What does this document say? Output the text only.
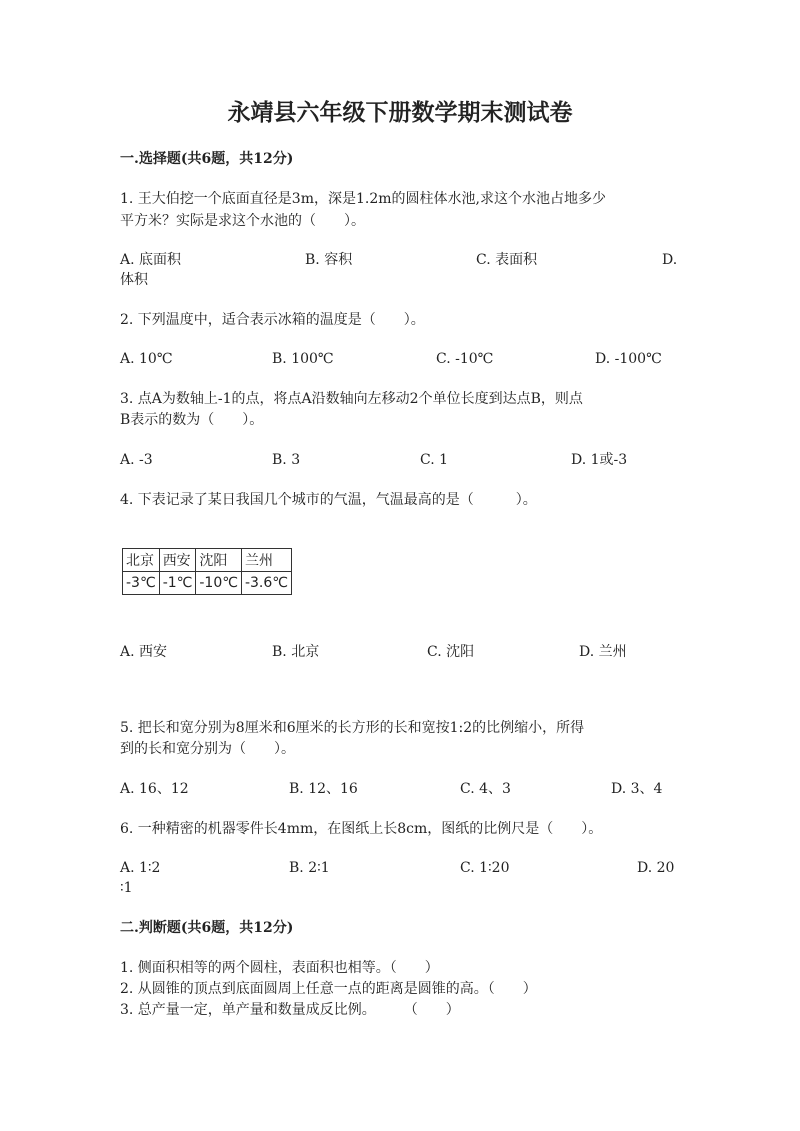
永靖县六年级下册数学期末测试卷
一.选择题(共6题，共12分)
1. 王大伯挖一个底面直径是3m，深是1.2m的圆柱体水池,求这个水池占地多少
平方米？实际是求这个水池的（　　）。
A. 底面积	B. 容积	C. 表面积	D.
体积
2. 下列温度中，适合表示冰箱的温度是（　　）。
A. 10℃	B. 100℃	C. -10℃	D. -100℃
3. 点A为数轴上-1的点，将点A沿数轴向左移动2个单位长度到达点B，则点
B表示的数为（　　）。
A. -3	B. 3	C. 1	D. 1或-3
4. 下表记录了某日我国几个城市的气温，气温最高的是（　　　）。
北京	西安	沈阳	兰州
-3℃	-1℃	-10℃	-3.6℃
A. 西安	B. 北京	C. 沈阳	D. 兰州
5. 把长和宽分别为8厘米和6厘米的长方形的长和宽按1:2的比例缩小，所得
到的长和宽分别为（　　）。
A. 16、12	B. 12、16	C. 4、3	D. 3、4
6. 一种精密的机器零件长4mm，在图纸上长8cm，图纸的比例尺是（　　）。
A. 1∶2	B. 2∶1	C. 1∶20	D. 20
∶1
二.判断题(共6题，共12分)
1. 侧面积相等的两个圆柱，表面积也相等。（　　）
2. 从圆锥的顶点到底面圆周上任意一点的距离是圆锥的高。（　　）
3. 总产量一定，单产量和数量成反比例。　　　（　　）
